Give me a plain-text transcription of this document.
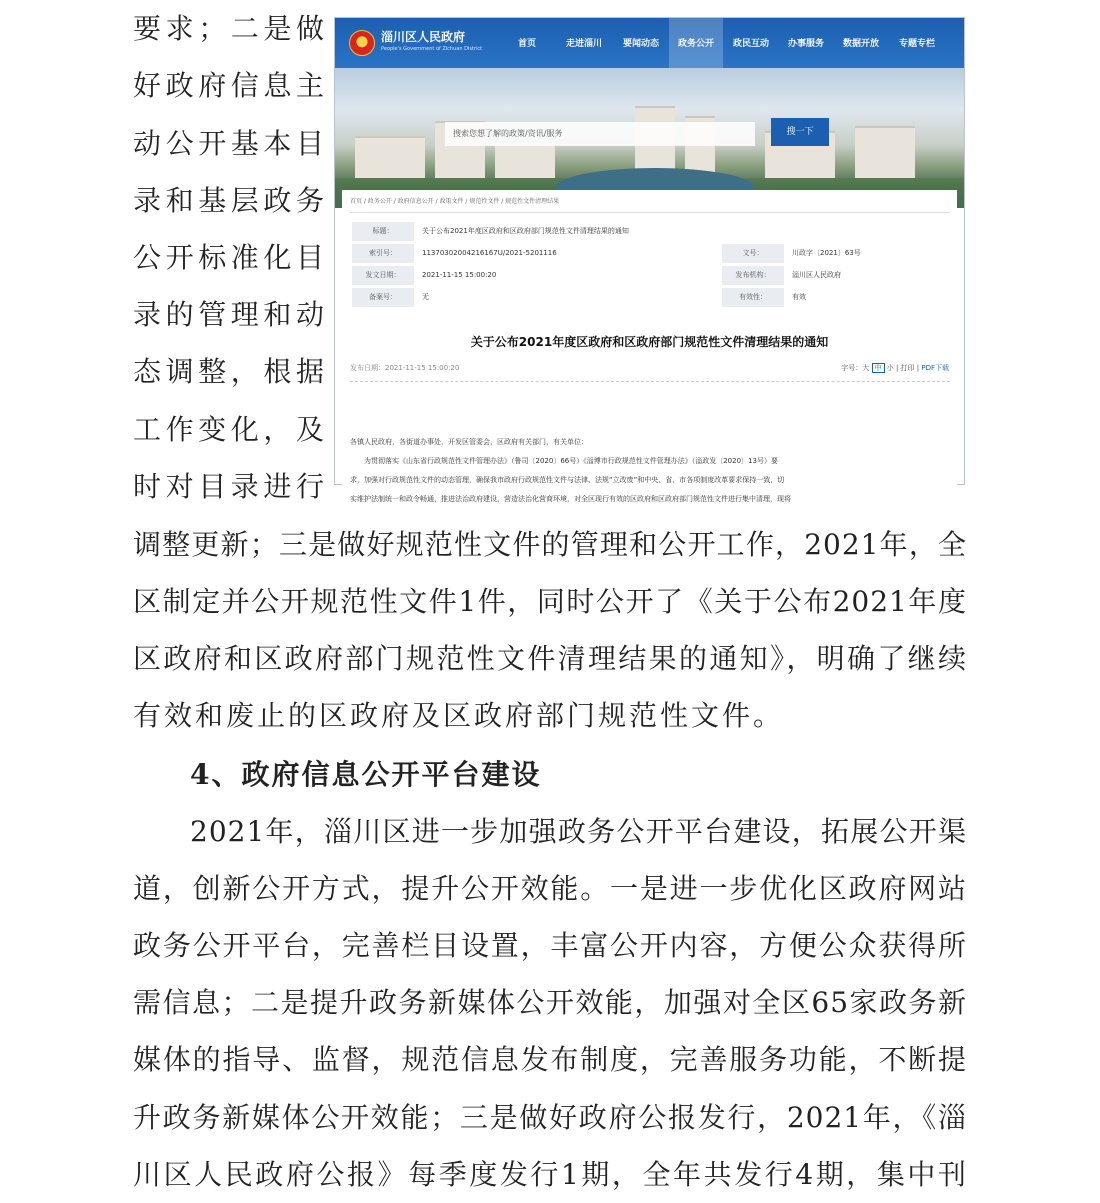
要求；二是做
好政府信息主
动公开基本目
录和基层政务
公开标准化目
录的管理和动
态调整，根据
工作变化，及
时对目录进行
调整更新；三是做好规范性文件的管理和公开工作，2021年，全
区制定并公开规范性文件1件，同时公开了《关于公布2021年度
区政府和区政府部门规范性文件清理结果的通知》，明确了继续
有效和废止的区政府及区政府部门规范性文件。
4、政府信息公开平台建设
2021年，淄川区进一步加强政务公开平台建设，拓展公开渠
道，创新公开方式，提升公开效能。一是进一步优化区政府网站
政务公开平台，完善栏目设置，丰富公开内容，方便公众获得所
需信息；二是提升政务新媒体公开效能，加强对全区65家政务新
媒体的指导、监督，规范信息发布制度，完善服务功能，不断提
升政务新媒体公开效能；三是做好政府公报发行，2021年，《淄
川区人民政府公报》每季度发行1期，全年共发行4期，集中刊
淄川区人民政府
People's Government of Zichuan District	首页	走进淄川	要闻动态	政务公开	政民互动	办事服务	数据开放	专题专栏
搜索您想了解的政策/资讯/服务	搜一下
首页 / 政务公开 / 政府信息公开 / 政策文件 / 规范性文件 / 规范性文件清理结果
标题：	关于公布2021年度区政府和区政府部门规范性文件清理结果的通知
索引号：	11370302004216167U/2021-5201116	文号：	川政字〔2021〕63号
发文日期：	2021-11-15 15:00:20	发布机构：	淄川区人民政府
备案号：	无	有效性：	有效
关于公布2021年度区政府和区政府部门规范性文件清理结果的通知
发布日期：2021-11-15 15:00:20	字号：大 中 小 | 打印 | PDF下载
各镇人民政府，各街道办事处，开发区管委会，区政府有关部门，有关单位：
为贯彻落实《山东省行政规范性文件管理办法》（鲁司〔2020〕66号）《淄博市行政规范性文件管理办法》（淄政发〔2020〕13号）要
求，加强对行政规范性文件的动态管理，确保我市政府行政规范性文件与法律、法规“立改废”和中央、省、市各项制度改革要求保持一致，切
实维护法制统一和政令畅通，推进法治政府建设，营造法治化营商环境，对全区现行有效的区政府和区政府部门规范性文件进行集中清理，现将
